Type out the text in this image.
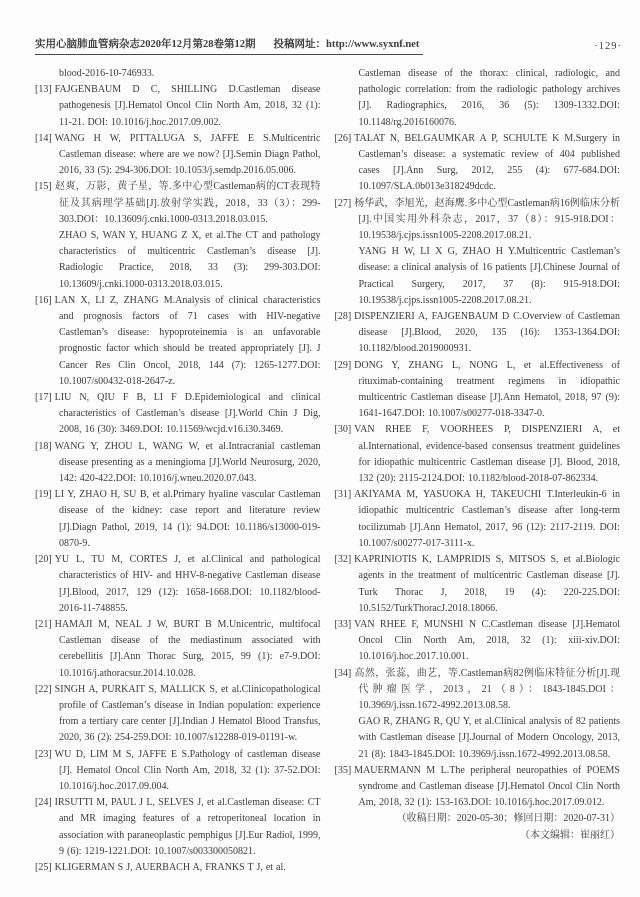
实用心脑肺血管病杂志2020年12月第28卷第12期 投稿网址：http://www.syxnf.net	·129·

blood-2016-10-746933.

[13] FAJGENBAUM D C, SHILLING D.Castleman disease pathogenesis [J].Hematol Oncol Clin North Am, 2018, 32 (1): 11-21. DOI: 10.1016/j.hoc.2017.09.002.

[14] WANG H W, PITTALUGA S, JAFFE E S.Multicentric Castleman disease: where are we now? [J].Semin Diagn Pathol, 2016, 33 (5): 294-306.DOI: 10.1053/j.semdp.2016.05.006.

[15] 赵爽，万影，黄子星，等.多中心型Castleman病的CT表现特征及其病理学基础[J].放射学实践，2018，33（3）：299-303.DOI：10.13609/j.cnki.1000-0313.2018.03.015.

ZHAO S, WAN Y, HUANG Z X, et al.The CT and pathology characteristics of multicentric Castleman’s disease [J]. Radiologic Practice, 2018, 33 (3): 299-303.DOI: 10.13609/j.cnki.1000-0313.2018.03.015.

[16] LAN X, LI Z, ZHANG M.Analysis of clinical characteristics and prognosis factors of 71 cases with HIV-negative Castleman’s disease: hypoproteinemia is an unfavorable prognostic factor which should be treated appropriately [J]. J Cancer Res Clin Oncol, 2018, 144 (7): 1265-1277.DOI: 10.1007/s00432-018-2647-z.

[17] LIU N, QIU F B, LI F D.Epidemiological and clinical characteristics of Castleman’s disease [J].World Chin J Dig, 2008, 16 (30): 3469.DOI: 10.11569/wcjd.v16.i30.3469.

[18] WANG Y, ZHOU L, WANG W, et al.Intracranial castleman disease presenting as a meningioma [J].World Neurosurg, 2020, 142: 420-422.DOI: 10.1016/j.wneu.2020.07.043.

[19] LI Y, ZHAO H, SU B, et al.Primary hyaline vascular Castleman disease of the kidney: case report and literature review [J].Diagn Pathol, 2019, 14 (1): 94.DOI: 10.1186/s13000-019-0870-9.

[20] YU L, TU M, CORTES J, et al.Clinical and pathological characteristics of HIV- and HHV-8-negative Castleman disease [J].Blood, 2017, 129 (12): 1658-1668.DOI: 10.1182/blood-2016-11-748855.

[21] HAMAJI M, NEAL J W, BURT B M.Unicentric, multifocal Castleman disease of the mediastinum associated with cerebellitis [J].Ann Thorac Surg, 2015, 99 (1): e7-9.DOI: 10.1016/j.athoracsur.2014.10.028.

[22] SINGH A, PURKAIT S, MALLICK S, et al.Clinicopathological profile of Castleman’s disease in Indian population: experience from a tertiary care center [J].Indian J Hematol Blood Transfus, 2020, 36 (2): 254-259.DOI: 10.1007/s12288-019-01191-w.

[23] WU D, LIM M S, JAFFE E S.Pathology of castleman disease [J]. Hematol Oncol Clin North Am, 2018, 32 (1): 37-52.DOI: 10.1016/j.hoc.2017.09.004.

[24] IRSUTTI M, PAUL J L, SELVES J, et al.Castleman disease: CT and MR imaging features of a retroperitoneal location in association with paraneoplastic pemphigus [J].Eur Radiol, 1999, 9 (6): 1219-1221.DOI: 10.1007/s003300050821.

[25] KLIGERMAN S J, AUERBACH A, FRANKS T J, et al.

Castleman disease of the thorax: clinical, radiologic, and pathologic correlation: from the radiologic pathology archives [J]. Radiographics, 2016, 36 (5): 1309-1332.DOI: 10.1148/rg.2016160076.

[26] TALAT N, BELGAUMKAR A P, SCHULTE K M.Surgery in Castleman’s disease: a systematic review of 404 published cases [J].Ann Surg, 2012, 255 (4): 677-684.DOI: 10.1097/SLA.0b013e318249dcdc.

[27] 杨华武，李旭光，赵海鹰.多中心型Castleman病16例临床分析[J].中国实用外科杂志，2017，37（8）：915-918.DOI：10.19538/j.cjps.issn1005-2208.2017.08.21.

YANG H W, LI X G, ZHAO H Y.Multicentric Castleman’s disease: a clinical analysis of 16 patients [J].Chinese Journal of Practical Surgery, 2017, 37 (8): 915-918.DOI: 10.19538/j.cjps.issn1005-2208.2017.08.21.

[28] DISPENZIERI A, FAJGENBAUM D C.Overview of Castleman disease [J].Blood, 2020, 135 (16): 1353-1364.DOI: 10.1182/blood.2019000931.

[29] DONG Y, ZHANG L, NONG L, et al.Effectiveness of rituximab-containing treatment regimens in idiopathic multicentric Castleman disease [J].Ann Hematol, 2018, 97 (9): 1641-1647.DOI: 10.1007/s00277-018-3347-0.

[30] VAN RHEE F, VOORHEES P, DISPENZIERI A, et al.International, evidence-based consensus treatment guidelines for idiopathic multicentric Castleman disease [J]. Blood, 2018, 132 (20): 2115-2124.DOI: 10.1182/blood-2018-07-862334.

[31] AKIYAMA M, YASUOKA H, TAKEUCHI T.Interleukin-6 in idiopathic multicentric Castleman’s disease after long-term tocilizumab [J].Ann Hematol, 2017, 96 (12): 2117-2119. DOI: 10.1007/s00277-017-3111-x.

[32] KAPRINIOTIS K, LAMPRIDIS S, MITSOS S, et al.Biologic agents in the treatment of multicentric Castleman disease [J]. Turk Thorac J, 2018, 19 (4): 220-225.DOI: 10.5152/TurkThoracJ.2018.18066.

[33] VAN RHEE F, MUNSHI N C.Castleman disease [J].Hematol Oncol Clin North Am, 2018, 32 (1): xiii-xiv.DOI: 10.1016/j.hoc.2017.10.001.

[34] 高然，张蕊，曲艺，等.Castleman病82例临床特征分析[J].现代肿瘤医学，2013，21（8）：1843-1845.DOI：10.3969/j.issn.1672-4992.2013.08.58.

GAO R, ZHANG R, QU Y, et al.Clinical analysis of 82 patients with Castleman disease [J].Journal of Modern Oncology, 2013, 21 (8): 1843-1845.DOI: 10.3969/j.issn.1672-4992.2013.08.58.

[35] MAUERMANN M L.The peripheral neuropathies of POEMS syndrome and Castleman disease [J].Hematol Oncol Clin North Am, 2018, 32 (1): 153-163.DOI: 10.1016/j.hoc.2017.09.012.

（收稿日期：2020-05-30；修回日期：2020-07-31）

（本文编辑：崔丽红）
